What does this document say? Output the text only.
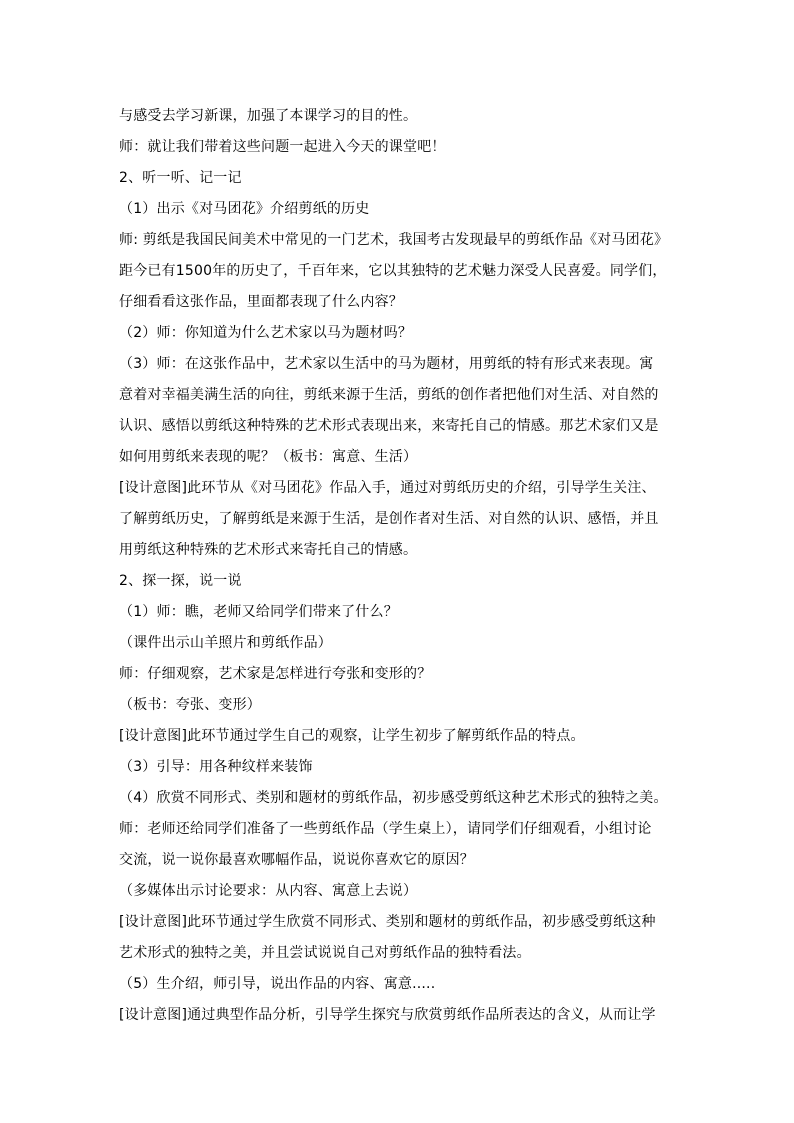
与感受去学习新课，加强了本课学习的目的性。
师：就让我们带着这些问题一起进入今天的课堂吧！
2、听一听、记一记
（1）出示《对马团花》介绍剪纸的历史
师: 剪纸是我国民间美术中常见的一门艺术，我国考古发现最早的剪纸作品《对马团花》
距今已有1500年的历史了，千百年来，它以其独特的艺术魅力深受人民喜爱。同学们，
仔细看看这张作品，里面都表现了什么内容？
（2）师：你知道为什么艺术家以马为题材吗？
（3）师：在这张作品中，艺术家以生活中的马为题材，用剪纸的特有形式来表现。寓
意着对幸福美满生活的向往，剪纸来源于生活，剪纸的创作者把他们对生活、对自然的
认识、感悟以剪纸这种特殊的艺术形式表现出来，来寄托自己的情感。那艺术家们又是
如何用剪纸来表现的呢？（板书：寓意、生活）
[设计意图]此环节从《对马团花》作品入手，通过对剪纸历史的介绍，引导学生关注、
了解剪纸历史，了解剪纸是来源于生活，是创作者对生活、对自然的认识、感悟，并且
用剪纸这种特殊的艺术形式来寄托自己的情感。
2、探一探，说一说
（1）师：瞧，老师又给同学们带来了什么？
（课件出示山羊照片和剪纸作品）
师：仔细观察，艺术家是怎样进行夸张和变形的？
（板书：夸张、变形）
[设计意图]此环节通过学生自己的观察，让学生初步了解剪纸作品的特点。
（3）引导：用各种纹样来装饰
（4）欣赏不同形式、类别和题材的剪纸作品，初步感受剪纸这种艺术形式的独特之美。
师：老师还给同学们准备了一些剪纸作品（学生桌上），请同学们仔细观看，小组讨论
交流，说一说你最喜欢哪幅作品，说说你喜欢它的原因？
（多媒体出示讨论要求：从内容、寓意上去说）
[设计意图]此环节通过学生欣赏不同形式、类别和题材的剪纸作品，初步感受剪纸这种
艺术形式的独特之美，并且尝试说说自己对剪纸作品的独特看法。
（5）生介绍，师引导，说出作品的内容、寓意.....
[设计意图]通过典型作品分析，引导学生探究与欣赏剪纸作品所表达的含义，从而让学
